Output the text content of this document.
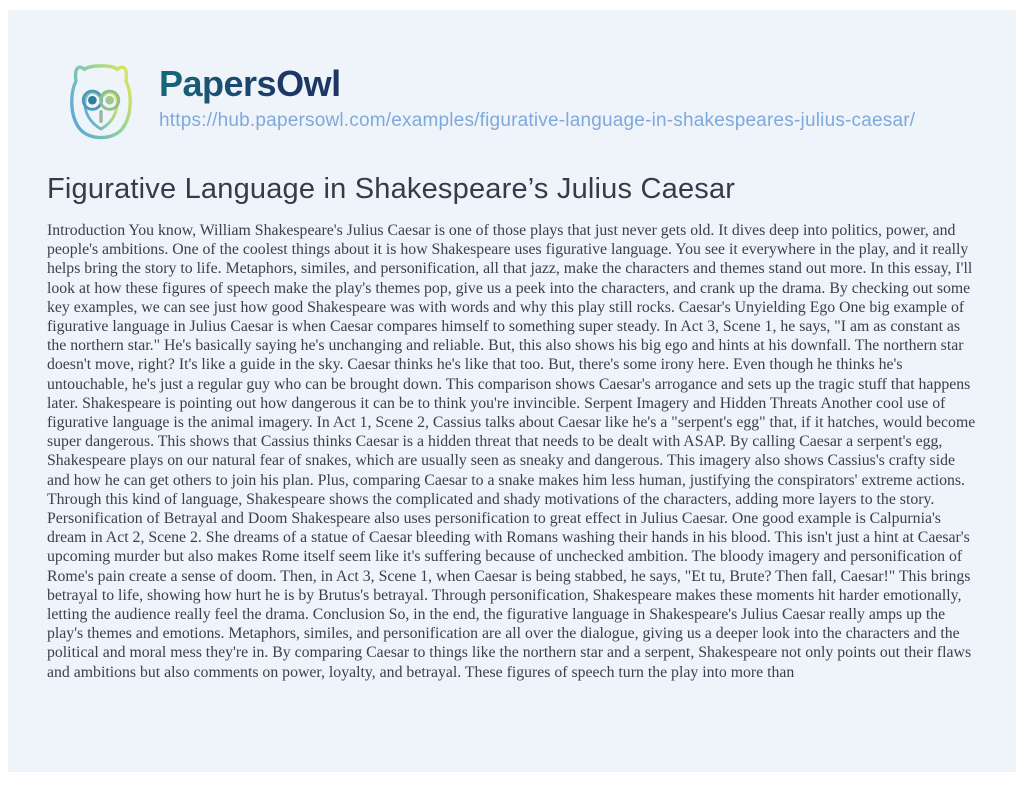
PapersOwl
https://hub.papersowl.com/examples/figurative-language-in-shakespeares-julius-caesar/
Figurative Language in Shakespeare’s Julius Caesar

Introduction You know, William Shakespeare's Julius Caesar is one of those plays that just never gets old. It dives deep into politics, power, and people's ambitions. One of the coolest things about it is how Shakespeare uses figurative language. You see it everywhere in the play, and it really helps bring the story to life. Metaphors, similes, and personification, all that jazz, make the characters and themes stand out more. In this essay, I'll look at how these figures of speech make the play's themes pop, give us a peek into the characters, and crank up the drama. By checking out some key examples, we can see just how good Shakespeare was with words and why this play still rocks. Caesar's Unyielding Ego One big example of figurative language in Julius Caesar is when Caesar compares himself to something super steady. In Act 3, Scene 1, he says, "I am as constant as the northern star." He's basically saying he's unchanging and reliable. But, this also shows his big ego and hints at his downfall. The northern star doesn't move, right? It's like a guide in the sky. Caesar thinks he's like that too. But, there's some irony here. Even though he thinks he's untouchable, he's just a regular guy who can be brought down. This comparison shows Caesar's arrogance and sets up the tragic stuff that happens later. Shakespeare is pointing out how dangerous it can be to think you're invincible. Serpent Imagery and Hidden Threats Another cool use of figurative language is the animal imagery. In Act 1, Scene 2, Cassius talks about Caesar like he's a "serpent's egg" that, if it hatches, would become super dangerous. This shows that Cassius thinks Caesar is a hidden threat that needs to be dealt with ASAP. By calling Caesar a serpent's egg, Shakespeare plays on our natural fear of snakes, which are usually seen as sneaky and dangerous. This imagery also shows Cassius's crafty side and how he can get others to join his plan. Plus, comparing Caesar to a snake makes him less human, justifying the conspirators' extreme actions. Through this kind of language, Shakespeare shows the complicated and shady motivations of the characters, adding more layers to the story. Personification of Betrayal and Doom Shakespeare also uses personification to great effect in Julius Caesar. One good example is Calpurnia's dream in Act 2, Scene 2. She dreams of a statue of Caesar bleeding with Romans washing their hands in his blood. This isn't just a hint at Caesar's upcoming murder but also makes Rome itself seem like it's suffering because of unchecked ambition. The bloody imagery and personification of Rome's pain create a sense of doom. Then, in Act 3, Scene 1, when Caesar is being stabbed, he says, "Et tu, Brute? Then fall, Caesar!" This brings betrayal to life, showing how hurt he is by Brutus's betrayal. Through personification, Shakespeare makes these moments hit harder emotionally, letting the audience really feel the drama. Conclusion So, in the end, the figurative language in Shakespeare's Julius Caesar really amps up the play's themes and emotions. Metaphors, similes, and personification are all over the dialogue, giving us a deeper look into the characters and the political and moral mess they're in. By comparing Caesar to things like the northern star and a serpent, Shakespeare not only points out their flaws and ambitions but also comments on power, loyalty, and betrayal. These figures of speech turn the play into more than
